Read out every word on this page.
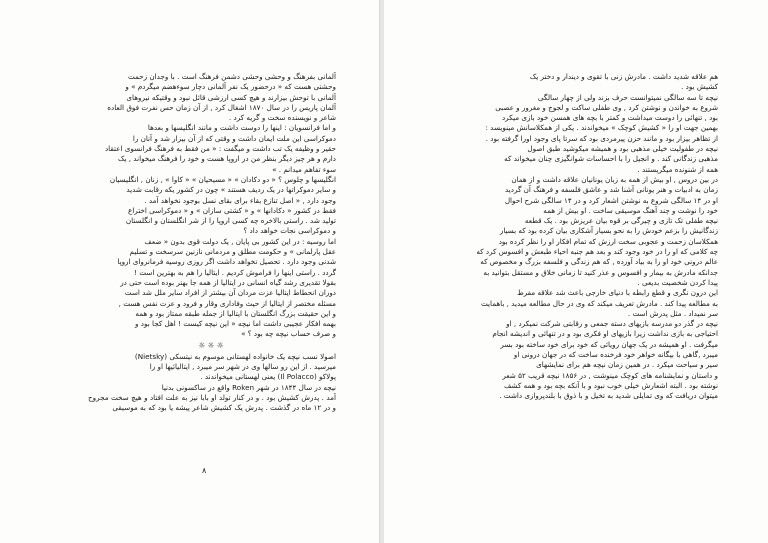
آلمانی بفرهنگ و وحشی وحشی دشمن فرهنگ است . با وجدان زحمت
وحشتی هست که « درحضور یک نفر آلمانی دچار سوءهضم میگردم » و
آلمانی با توحش بیزارند و هیچ کسی ارزشی قائل نبود و وقتیکه نیروهای
آلمان پاریس را در سال ۱۸۷۰ اشغال کرد , از آن زمان حس نفرت فوق العاده
شاعر و نویسنده سخت و گریه کرد .
و اما فرانسویان : اینها را دوست داشت و مانند انگلیسها و بعدها
دموکراسی این ملت ایمان داشت و وقتی که از آن بیزار شد و آنان را
حقیر و وظیفه یک تب داشت و میگفت : « من فقط به فرهنگ فرانسوی اعتقاد
دارم و هر چیز دیگر بنظر من در اروپا هست و خود را فرهنگ میخواند , یک
سوء تفاهم میدانم . »
انگلیسها و چلوس ؟ « دو دکادان » « مسیحیان » « کاوا » , زنان , انگلیسیان
و سایر دموکراتها در یک ردیف هستند » چون در کشور یکه رقابت شدید
وجود دارد , « اصل تنازع بقاء برای بقای نسل بوجود نخواهد آمد .
فقط در کشور « دکادانها » و « کشتی سازان » و « دموکراسی اختراع
تولید شد . راستی بالاخره چه کسی اروپا را از شر انگلستان و انگلستان
و دموکراسی نجات خواهد داد ؟
اما روسیه : در این کشور بی پایان , یک دولت قوی بدون « ضعف
عقل پارلمانی » و حکومت مطلق و مردمانی نازنین سرسخت و تسلیم
شدنی وجود دارد . تحصیل نخواهد داشت اگر روزی روسیه فرمانروای اروپا
گردد . راستی اینها را فراموش کردیم . ایتالیا را هم به بهترین است !
بقولا تقدیری رشد گیاه انسانی در ایتالیا از همه جا بهتر بوده است حتی در
دوران انحطاط ایتالیا عزت مردان آن بیشتر از افراد سایر ملل شد است
مسئله مختصر از ایتالیا از حیث وفاداری وقار و فرود و عزت نفس هست ,
و این حقیقت بزرگ انگلستان با ایتالیا از جمله طبقه ممتاز بود و همه
بهمه افکار عجیبی داشت اما نیچه « این نیچه کیست ! اهل کجا بود و
و صرف حساب نیچه چه بود ؟ »
☼☼☼
اصولا نسب نیچه یک خانواده لهستانی موسوم به نیتسکی (Nietsky)
میرسید . از این رو سالها وی در شهر سر میبرد , ایتالیائیها او را
پولاکو (Il Polacco) یعنی لهستانی میخواندند .
نیچه در سال ۱۸۴۴ در شهر Roken واقع در ساکسونی بدنیا
آمد . پدرش کشیش بود . و در کنار تولد او بابا نیز به علت افتاد و هیچ سخت مجروح
و در ۱۲ ماه در گذشت . پدرش یک کشیش شاعر پیشه یا بود که به موسیقی
۸
هم علاقه شدید داشت . مادرش زنی با تقوی و دیندار و دختر یک
کشیش بود .
نیچه تا سه سالگی نمیتوانست حرف بزند ولی از چهار سالگی
شروع به خواندن و نوشتن کرد , وی طفلی ساکت و لجوج و مغرور و عصبی
بود , تنهائی را دوست میداشت و کمتر با بچه های همسن خود بازی میکرد
بهمین جهت او را « کشیش کوچک » میخواندند . یکی از همکلاسانش مینویسد :
از تظاهر بیزار بود و مانند حزن پیرمردی بود که سرتا پای وجود اورا گرفته بود .
نیچه در طفولیت خیلی مذهبی بود و همیشه میکوشید طبق اصول
مذهبی زندگانی کند . و انجیل را با احساسات شوانگیزی چنان میخواند که
همه از شنونده میگریستند .
در بین دروس , او بیش از همه به زبان یونانیان علاقه داشت و از همان
زمان به ادبیات و هنر یونانی آشنا شد و عاشق فلسفه و فرهنگ آن گردید
او در ۱۴ سالگی شروع به نوشتن اشعار کرد و در ۱۴ سالگی شرح احوال
خود را نوشت و چند آهنگ موسیقی ساخت . او بیش از همه
نیچه طفلی تک تازی و چیرگی بر قوه بیان عریزش بود . یک قطعه
زندگانیش را بزعم خودش را به نحو بسیار آشکاری بیان کرده بود که بسیار
همکلاسان زحمت و عجوبی سخت ارزش که تمام افکار او را نظر کرده بود
چه کلامی که او را در خود وجود کند و بعد هم جنبه احیاء طبعش و افسوس کرد که
عالم درونی خود او را به بیاد آورده , که هم زندگی و فلسفه بزرگ و مخصوص که
جدانکه مادرش به بیمار و افسوس و عذر کنید تا زمانی خلاق و مستقل بتوانید به
پیدا کردن شخصیت بدیعی .
این درون نگری و قطع رابطه با دنیای خارجی باعث شد علاقه مفرط
به مطالعه پیدا کند . مادرش تعریف میکند که وی در حال مطالعه میدید , باهمایت
سر نمیداد . مثل پدرش است .
نیچه در گذر دو مدرسه بازیهای دسته جمعی و رقابتی شرکت نمیکرد , او
احتیاجی به بازی نداشت زیرا بازیهای او فکری بود و در تنهائی و اندیشه انجام
میگرفت . او همیشه در یک جهان رویائی که خود برای خود ساخته بود بسر
میبرد ,گاهی با بیگانه خواهر خود فرخنده ساخت که در جهان درونی او
سیر و سیاحت میکرد . در همین زمان نیچه هم برای نمایشهای
و داستان و نمایشنامه های کوچک مینوشت , در ۱۸۵۶ نیچه قریب ۵۲ شعر
نوشته بود . البته اشعارش خیلی خوب نبود و با آنکه بچه بود و همه کشف
میتوان دریافت که وی تمایلی شدید به تخیل و با ذوق با بلندپروازی داشت .
